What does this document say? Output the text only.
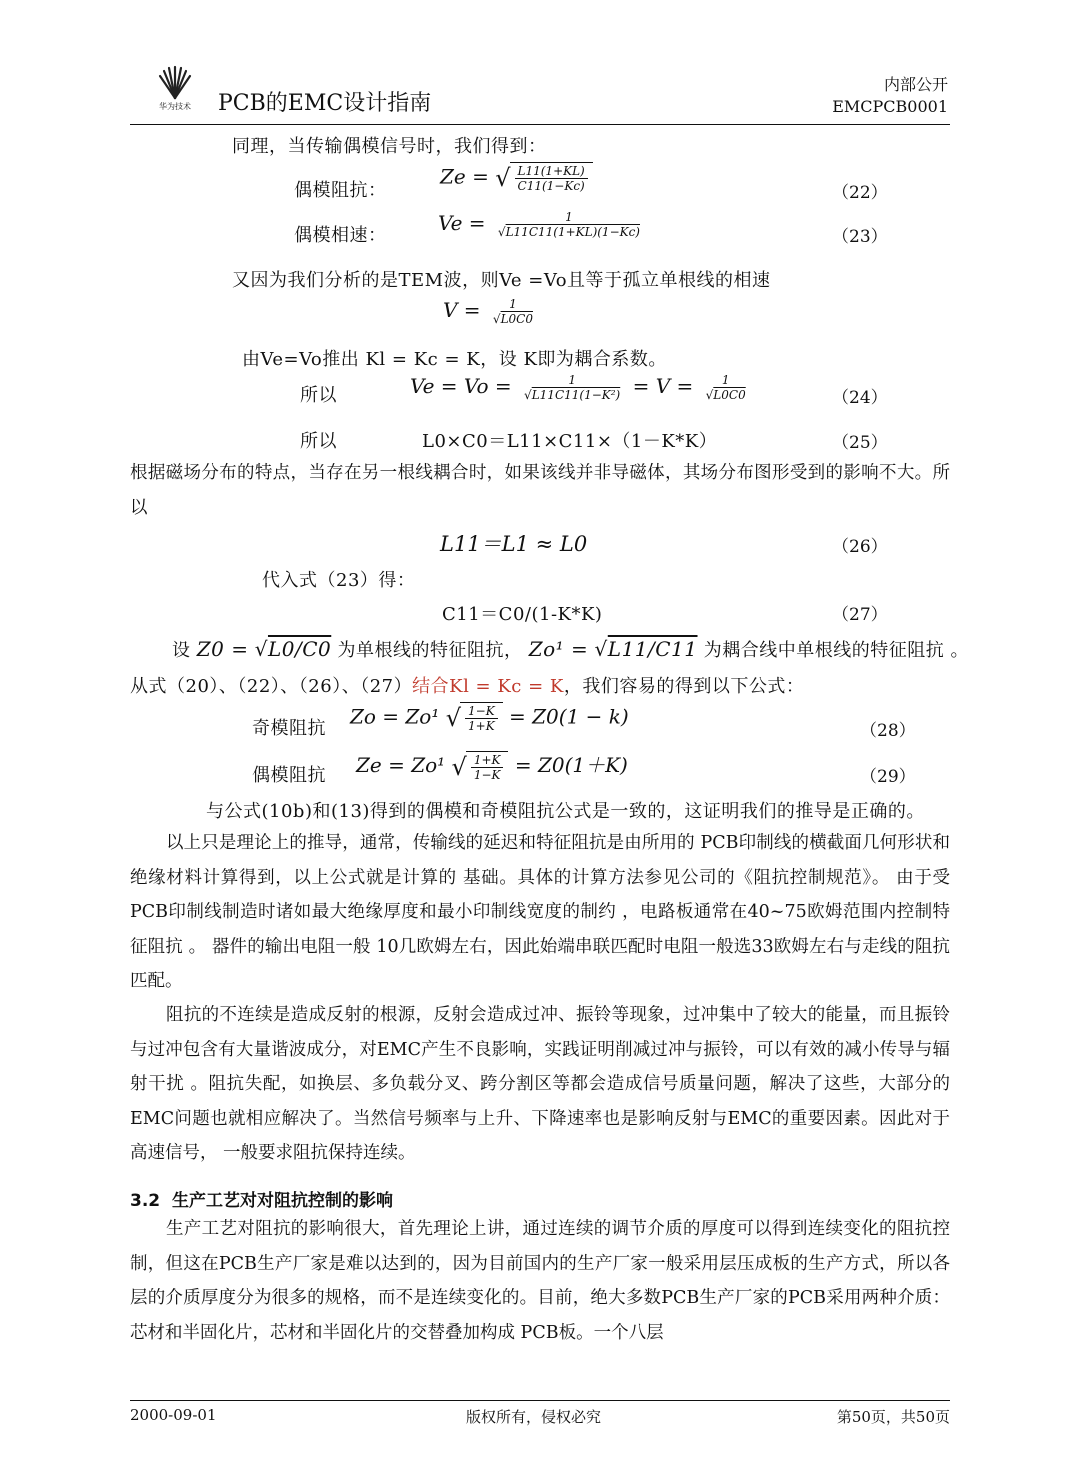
华为技术 PCB的EMC设计指南
内部公开
EMCPCB0001
同理，当传输偶模信号时，我们得到：
偶模阻抗：
Ze = √ $\frac{L11(1+KL)}{C11(1-Kc)}$	（22）
偶模相速：
$Ve = \frac{1}{√L11C11(1+KL)(1-Kc)}$	（23）
又因为我们分析的是TEM波，则Ve =Vo且等于孤立单根线的相速
$V = \frac{1}{√L0C0}$
由Ve=Vo推出 Kl = Kc = K，设 K即为耦合系数。
所以	$Ve = Vo = \frac{1}{\text{√L11C11(1−K²)}} = V = \frac{1}{√L0C0}$	（24）
所以	L0×C0＝L11×C11×（1－K*K）	（25）
根据磁场分布的特点，当存在另一根线耦合时，如果该线并非导磁体，其场分布图形受到的影响不大。所以
L11＝L1 ≈ L0	（26）
代入式（23）得：
C11＝C0/(1-K*K)	（27）
设 Z0 = √L0/C0 为单根线的特征阻抗， Zo¹ = √L11/C11 为耦合线中单根线的特征阻抗 。
从式（20）、（22）、（26）、（27）结合Kl = Kc = K，我们容易的得到以下公式：
奇模阻抗 Zo = Zo¹ √ $\frac{1-K}{1+K} = Z0(1 - k)$
（28）
偶模阻抗 Ze = Zo¹ √ $\frac{1+K}{1-K} = Z0(1+K)$	（29）
与公式(10b)和(13)得到的偶模和奇模阻抗公式是一致的，这证明我们的推导是正确的。
以上只是理论上的推导，通常，传输线的延迟和特征阻抗是由所用的 PCB印制线的横截面几何形状和绝缘材料计算得到，以上公式就是计算的 基础。具体的计算方法参见公司的《阻抗控制规范》。 由于受PCB印制线制造时诸如最大绝缘厚度和最小印制线宽度的制约 ，电路板通常在40~75欧姆范围内控制特征阻抗 。 器件的输出电阻一般 10几欧姆左右，因此始端串联匹配时电阻一般选33欧姆左右与走线的阻抗匹配。
阻抗的不连续是造成反射的根源，反射会造成过冲、振铃等现象，过冲集中了较大的能量，而且振铃与过冲包含有大量谐波成分，对EMC产生不良影响，实践证明削减过冲与振铃，可以有效的减小传导与辐射干扰 。阻抗失配，如换层、多负载分叉、跨分割区等都会造成信号质量问题，解决了这些，大部分的EMC问题也就相应解决了。当然信号频率与上升、下降速率也是影响反射与EMC的重要因素。因此对于高速信号， 一般要求阻抗保持连续。
3.2 生产工艺对对阻抗控制的影响
生产工艺对阻抗的影响很大，首先理论上讲，通过连续的调节介质的厚度可以得到连续变化的阻抗控制，但这在PCB生产厂家是难以达到的，因为目前国内的生产厂家一般采用层压成板的生产方式，所以各层的介质厚度分为很多的规格，而不是连续变化的。目前，绝大多数PCB生产厂家的PCB采用两种介质：芯材和半固化片，芯材和半固化片的交替叠加构成 PCB板。一个八层
2000-09-01	版权所有，侵权必究	第50页，共50页
